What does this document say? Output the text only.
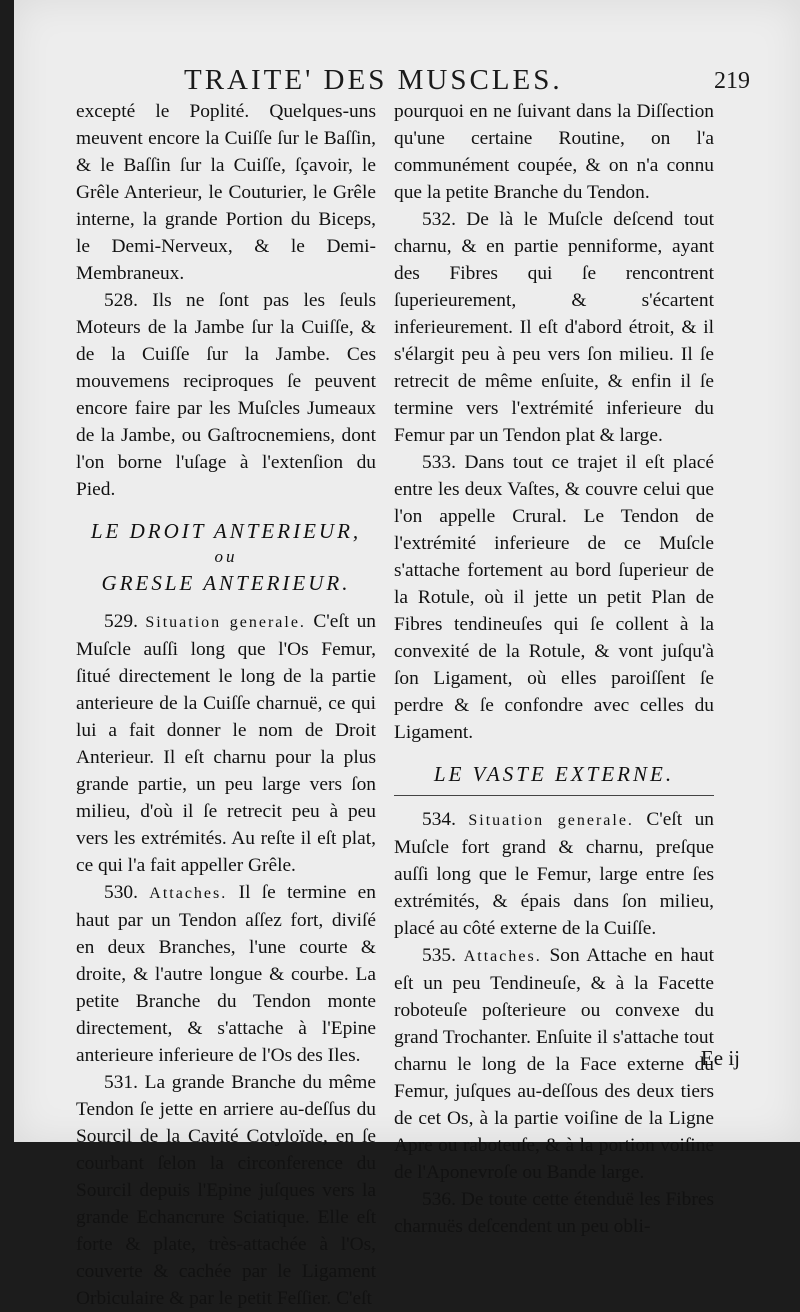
TRAITE' DES MUSCLES.	219

excepté le Poplité. Quelques-uns meuvent encore la Cuiſſe ſur le Baſſin, & le Baſſin ſur la Cuiſſe, ſçavoir, le Grêle Anterieur, le Couturier, le Grêle interne, la grande Portion du Biceps, le Demi-Nerveux, & le Demi-Membraneux.

528. Ils ne ſont pas les ſeuls Moteurs de la Jambe ſur la Cuiſſe, & de la Cuiſſe ſur la Jambe. Ces mouvemens reciproques ſe peuvent encore faire par les Muſcles Jumeaux de la Jambe, ou Gaſtrocnemiens, dont l'on borne l'uſage à l'extenſion du Pied.

LE DROIT ANTERIEUR,

ou

GRESLE ANTERIEUR.

529. Situation generale. C'eſt un Muſcle auſſi long que l'Os Femur, ſitué directement le long de la partie anterieure de la Cuiſſe charnuë, ce qui lui a fait donner le nom de Droit Anterieur. Il eſt charnu pour la plus grande partie, un peu large vers ſon milieu, d'où il ſe retrecit peu à peu vers les extrémités. Au reſte il eſt plat, ce qui l'a fait appeller Grêle.

530. Attaches. Il ſe termine en haut par un Tendon aſſez fort, diviſé en deux Branches, l'une courte & droite, & l'autre longue & courbe. La petite Branche du Tendon monte directement, & s'attache à l'Epine anterieure inferieure de l'Os des Iles.

531. La grande Branche du même Tendon ſe jette en arriere au-deſſus du Sourcil de la Cavité Cotyloïde, en ſe courbant ſelon la circonference du Sourcil depuis l'Epine juſques vers la grande Echancrure Sciatique. Elle eſt forte & plate, très-attachée à l'Os, couverte & cachée par le Ligament Orbiculaire & par le petit Feſſier. C'eſt

pourquoi en ne ſuivant dans la Diſſection qu'une certaine Routine, on l'a communément coupée, & on n'a connu que la petite Branche du Tendon.

532. De là le Muſcle deſcend tout charnu, & en partie penniforme, ayant des Fibres qui ſe rencontrent ſuperieurement, & s'écartent inferieurement. Il eſt d'abord étroit, & il s'élargit peu à peu vers ſon milieu. Il ſe retrecit de même enſuite, & enfin il ſe termine vers l'extrémité inferieure du Femur par un Tendon plat & large.

533. Dans tout ce trajet il eſt placé entre les deux Vaſtes, & couvre celui que l'on appelle Crural. Le Tendon de l'extrémité inferieure de ce Muſcle s'attache fortement au bord ſuperieur de la Rotule, où il jette un petit Plan de Fibres tendineuſes qui ſe collent à la convexité de la Rotule, & vont juſqu'à ſon Ligament, où elles paroiſſent ſe perdre & ſe confondre avec celles du Ligament.

LE VASTE EXTERNE.

534. Situation generale. C'eſt un Muſcle fort grand & charnu, preſque auſſi long que le Femur, large entre ſes extrémités, & épais dans ſon milieu, placé au côté externe de la Cuiſſe.

535. Attaches. Son Attache en haut eſt un peu Tendineuſe, & à la Facette roboteuſe poſterieure ou convexe du grand Trochanter. Enſuite il s'attache tout charnu le long de la Face externe du Femur, juſques au-deſſous des deux tiers de cet Os, à la partie voiſine de la Ligne Apre ou raboteuſe, & à la portion voiſine de l'Aponevroſe ou Bande large.

536. De toute cette étenduë les Fibres charnuës deſcendent un peu obli-

Ee ij
